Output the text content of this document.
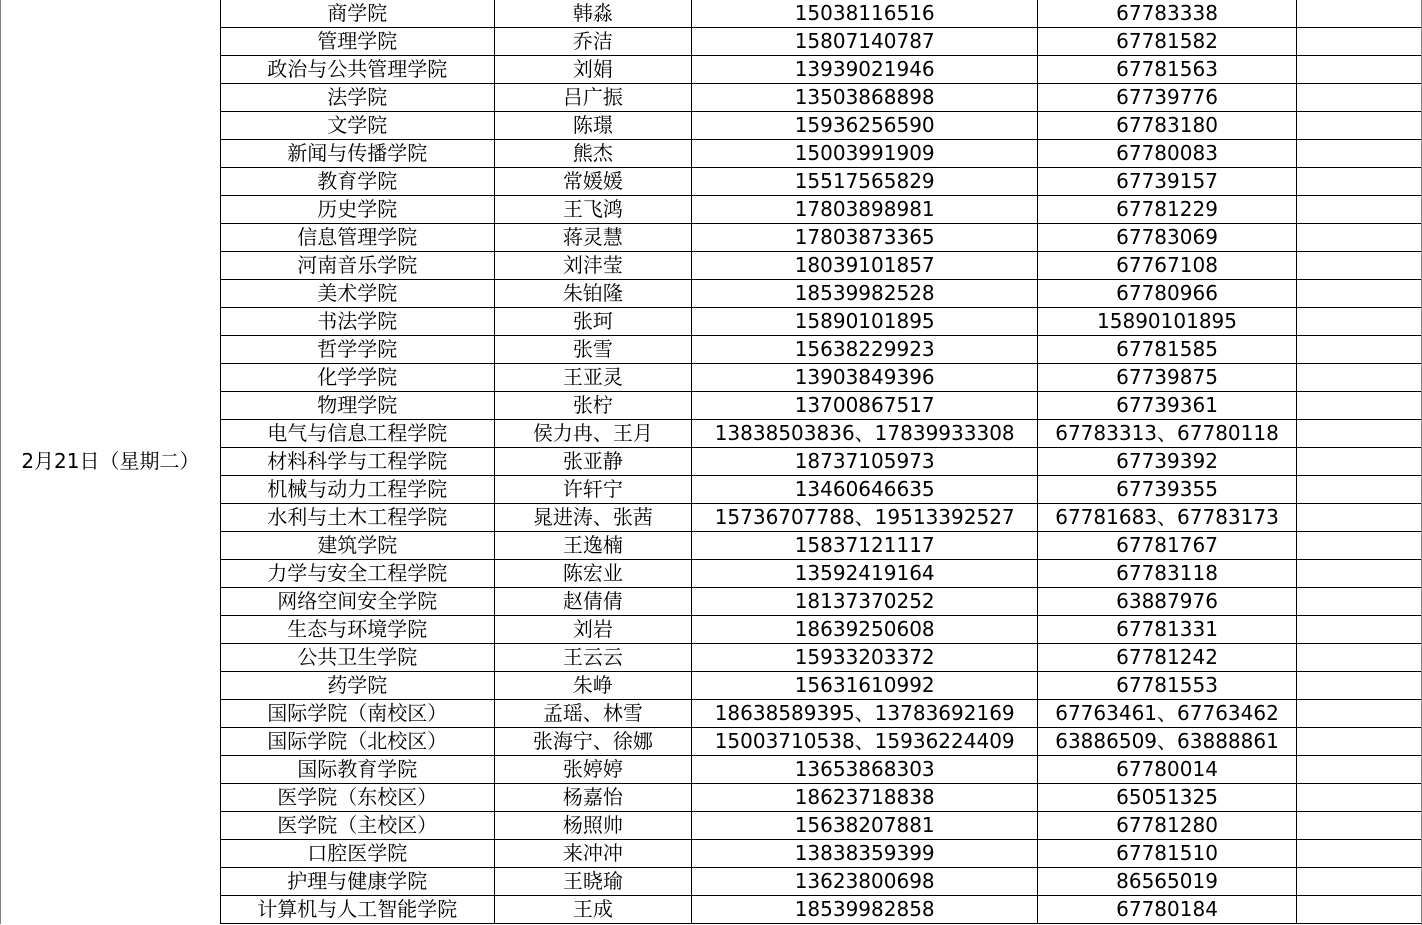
2月21日（星期二）	商学院	韩淼	15038116516	67783338	
	管理学院	乔洁	15807140787	67781582	
	政治与公共管理学院	刘娟	13939021946	67781563	
	法学院	吕广振	13503868898	67739776	
	文学院	陈璟	15936256590	67783180	
	新闻与传播学院	熊杰	15003991909	67780083	
	教育学院	常媛媛	15517565829	67739157	
	历史学院	王飞鸿	17803898981	67781229	
	信息管理学院	蒋灵慧	17803873365	67783069	
	河南音乐学院	刘沣莹	18039101857	67767108	
	美术学院	朱铂隆	18539982528	67780966	
	书法学院	张珂	15890101895	15890101895	
	哲学学院	张雪	15638229923	67781585	
	化学学院	王亚灵	13903849396	67739875	
	物理学院	张柠	13700867517	67739361	
	电气与信息工程学院	侯力冉、王月	13838503836、17839933308	67783313、67780118	
	材料科学与工程学院	张亚静	18737105973	67739392	
	机械与动力工程学院	许轩宁	13460646635	67739355	
	水利与土木工程学院	晁进涛、张茜	15736707788、19513392527	67781683、67783173	
	建筑学院	王逸楠	15837121117	67781767	
	力学与安全工程学院	陈宏业	13592419164	67783118	
	网络空间安全学院	赵倩倩	18137370252	63887976	
	生态与环境学院	刘岩	18639250608	67781331	
	公共卫生学院	王云云	15933203372	67781242	
	药学院	朱峥	15631610992	67781553	
	国际学院（南校区）	孟瑶、林雪	18638589395、13783692169	67763461、67763462	
	国际学院（北校区）	张海宁、徐娜	15003710538、15936224409	63886509、63888861	
	国际教育学院	张婷婷	13653868303	67780014	
	医学院（东校区）	杨嘉怡	18623718838	65051325	
	医学院（主校区）	杨照帅	15638207881	67781280	
	口腔医学院	来冲冲	13838359399	67781510	
	护理与健康学院	王晓瑜	13623800698	86565019	
	计算机与人工智能学院	王成	18539982858	67780184	
